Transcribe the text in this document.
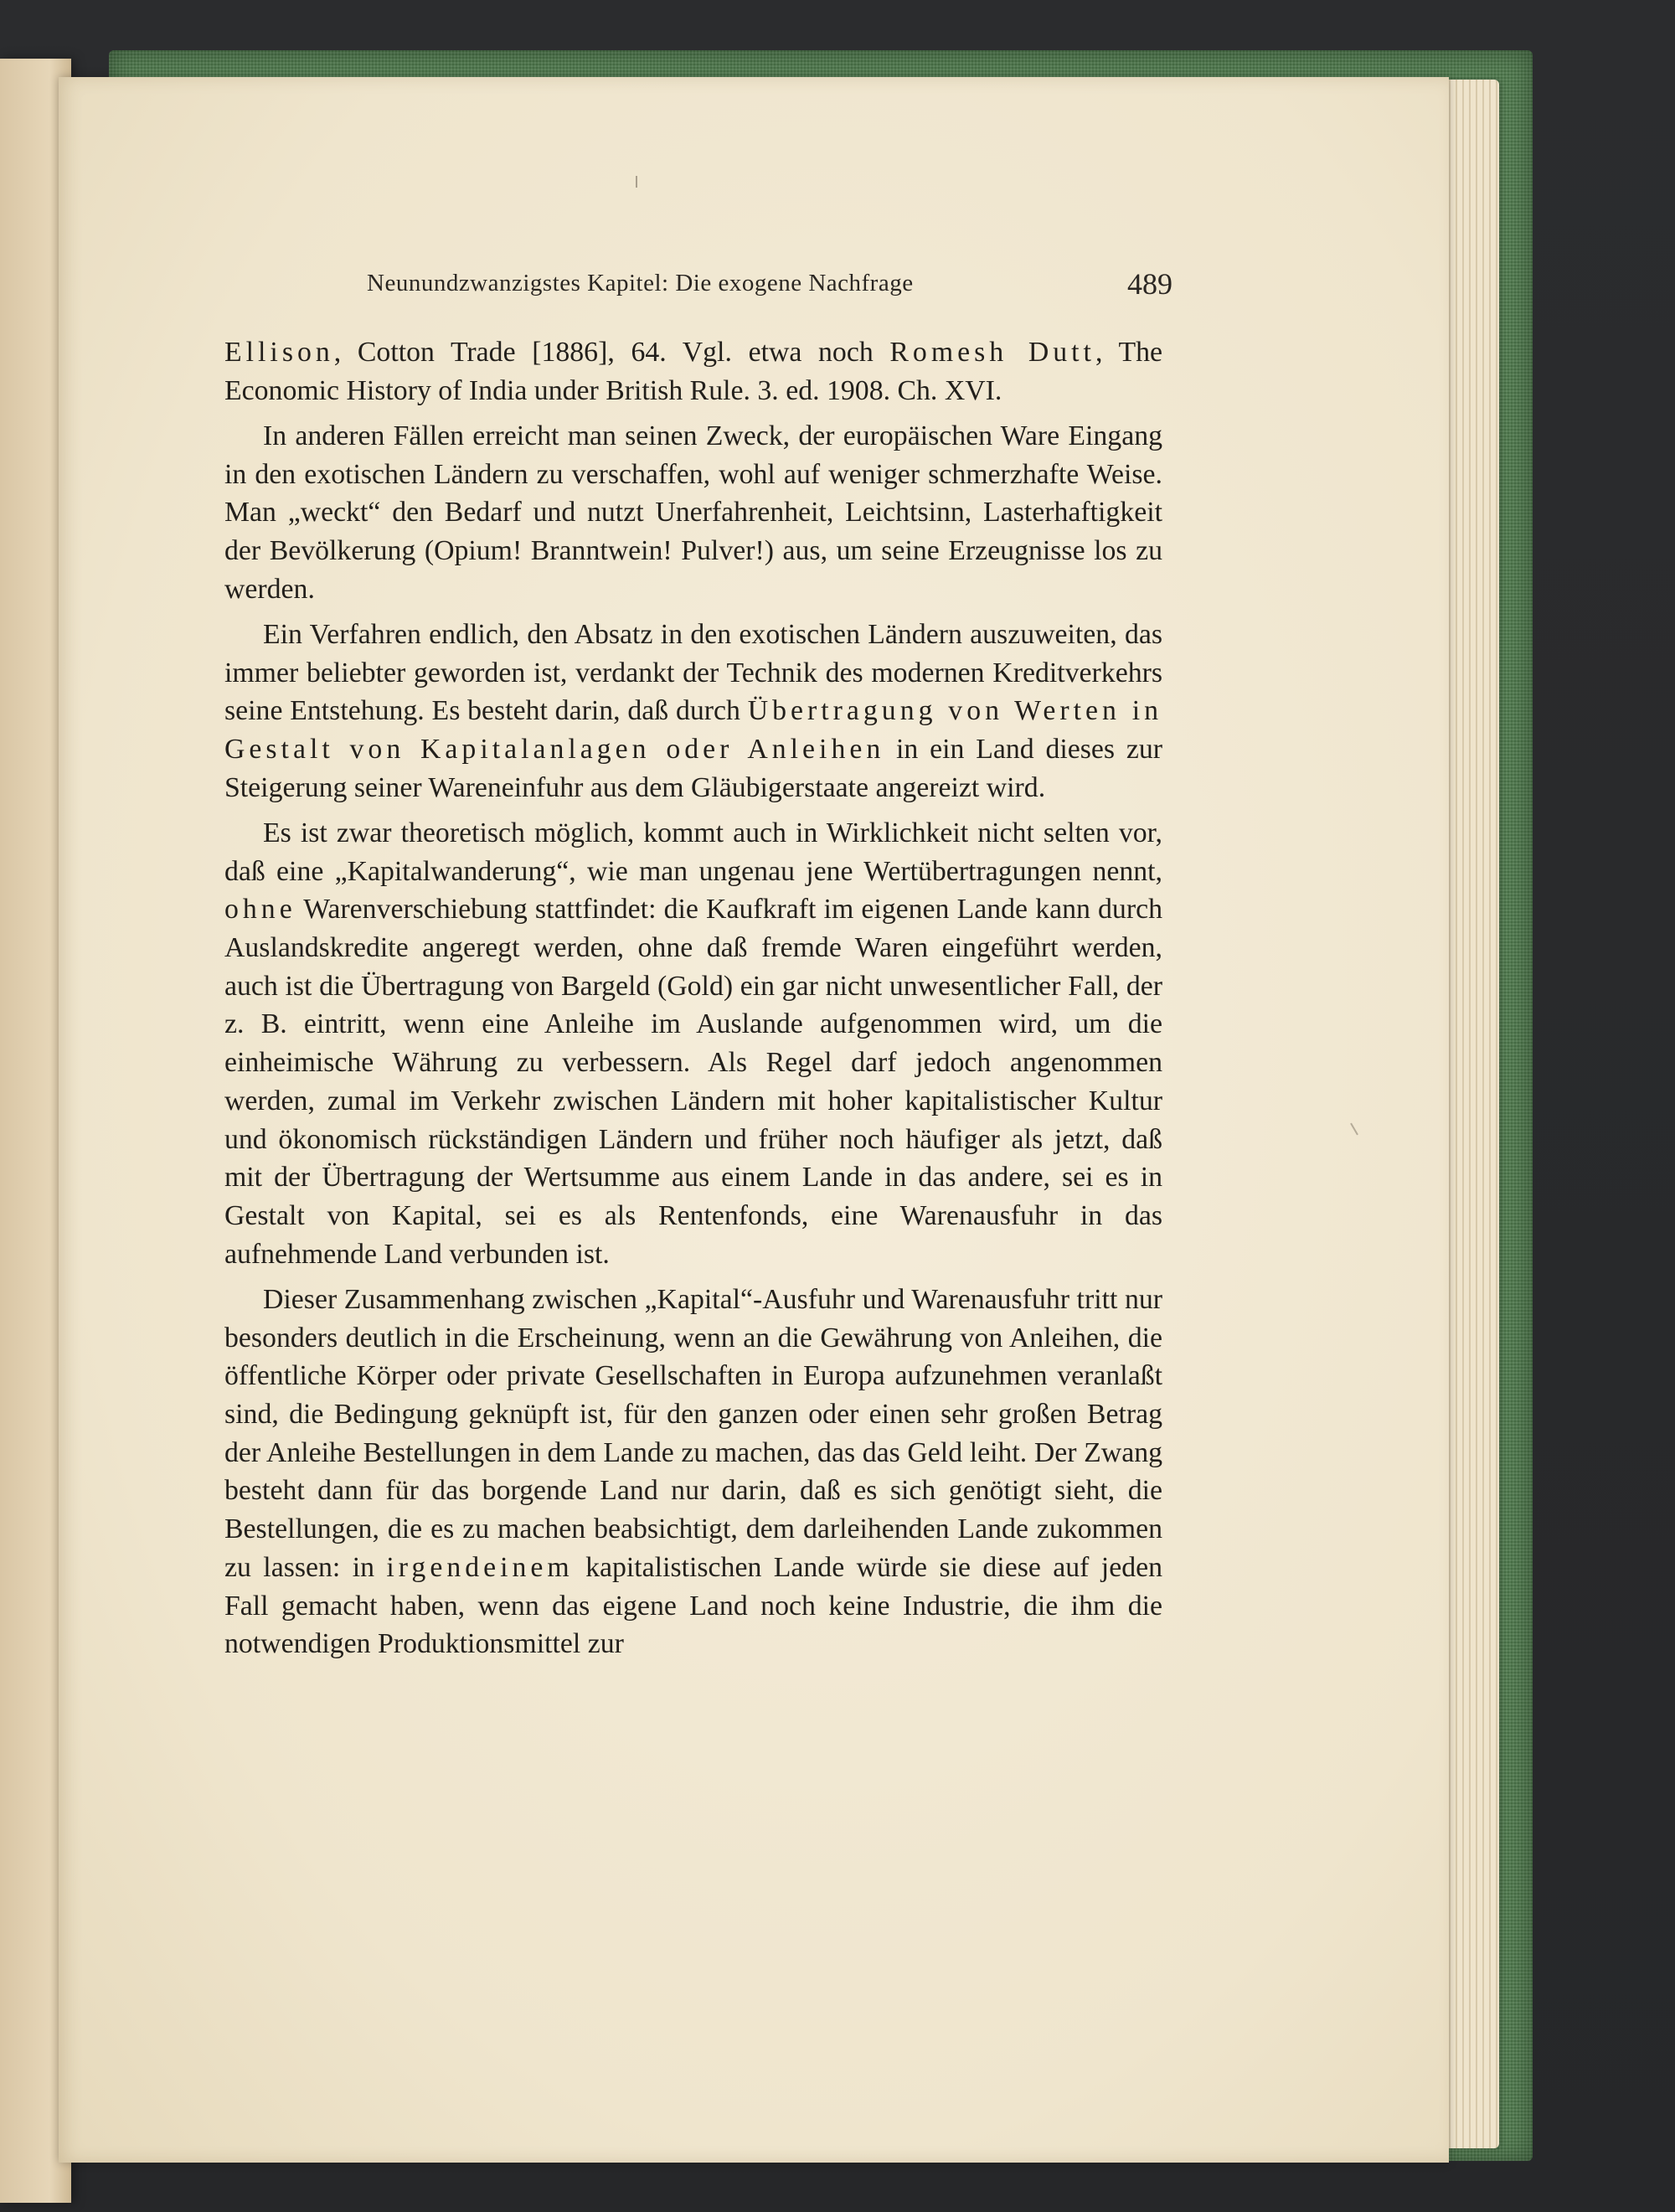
Neunundzwanzigstes Kapitel: Die exogene Nachfrage	489

Ellison, Cotton Trade [1886], 64. Vgl. etwa noch Romesh Dutt, The Economic History of India under British Rule. 3. ed. 1908. Ch. XVI.

In anderen Fällen erreicht man seinen Zweck, der europäischen Ware Eingang in den exotischen Ländern zu verschaffen, wohl auf weniger schmerzhafte Weise. Man „weckt“ den Bedarf und nutzt Unerfahrenheit, Leichtsinn, Lasterhaftigkeit der Bevölkerung (Opium! Branntwein! Pulver!) aus, um seine Erzeugnisse los zu werden.

Ein Verfahren endlich, den Absatz in den exotischen Ländern auszuweiten, das immer beliebter geworden ist, verdankt der Technik des modernen Kreditverkehrs seine Entstehung. Es besteht darin, daß durch Übertragung von Werten in Gestalt von Kapitalanlagen oder Anleihen in ein Land dieses zur Steigerung seiner Wareneinfuhr aus dem Gläubigerstaate angereizt wird.

Es ist zwar theoretisch möglich, kommt auch in Wirklichkeit nicht selten vor, daß eine „Kapitalwanderung“, wie man ungenau jene Wertübertragungen nennt, ohne Warenverschiebung stattfindet: die Kaufkraft im eigenen Lande kann durch Auslandskredite angeregt werden, ohne daß fremde Waren eingeführt werden, auch ist die Übertragung von Bargeld (Gold) ein gar nicht unwesentlicher Fall, der z. B. eintritt, wenn eine Anleihe im Auslande aufgenommen wird, um die einheimische Währung zu verbessern. Als Regel darf jedoch angenommen werden, zumal im Verkehr zwischen Ländern mit hoher kapitalistischer Kultur und ökonomisch rückständigen Ländern und früher noch häufiger als jetzt, daß mit der Übertragung der Wertsumme aus einem Lande in das andere, sei es in Gestalt von Kapital, sei es als Rentenfonds, eine Warenausfuhr in das aufnehmende Land verbunden ist.

Dieser Zusammenhang zwischen „Kapital“-Ausfuhr und Warenausfuhr tritt nur besonders deutlich in die Erscheinung, wenn an die Gewährung von Anleihen, die öffentliche Körper oder private Gesellschaften in Europa aufzunehmen veranlaßt sind, die Bedingung geknüpft ist, für den ganzen oder einen sehr großen Betrag der Anleihe Bestellungen in dem Lande zu machen, das das Geld leiht. Der Zwang besteht dann für das borgende Land nur darin, daß es sich genötigt sieht, die Bestellungen, die es zu machen beabsichtigt, dem darleihenden Lande zukommen zu lassen: in irgendeinem kapitalistischen Lande würde sie diese auf jeden Fall gemacht haben, wenn das eigene Land noch keine Industrie, die ihm die notwendigen Produktionsmittel zur
